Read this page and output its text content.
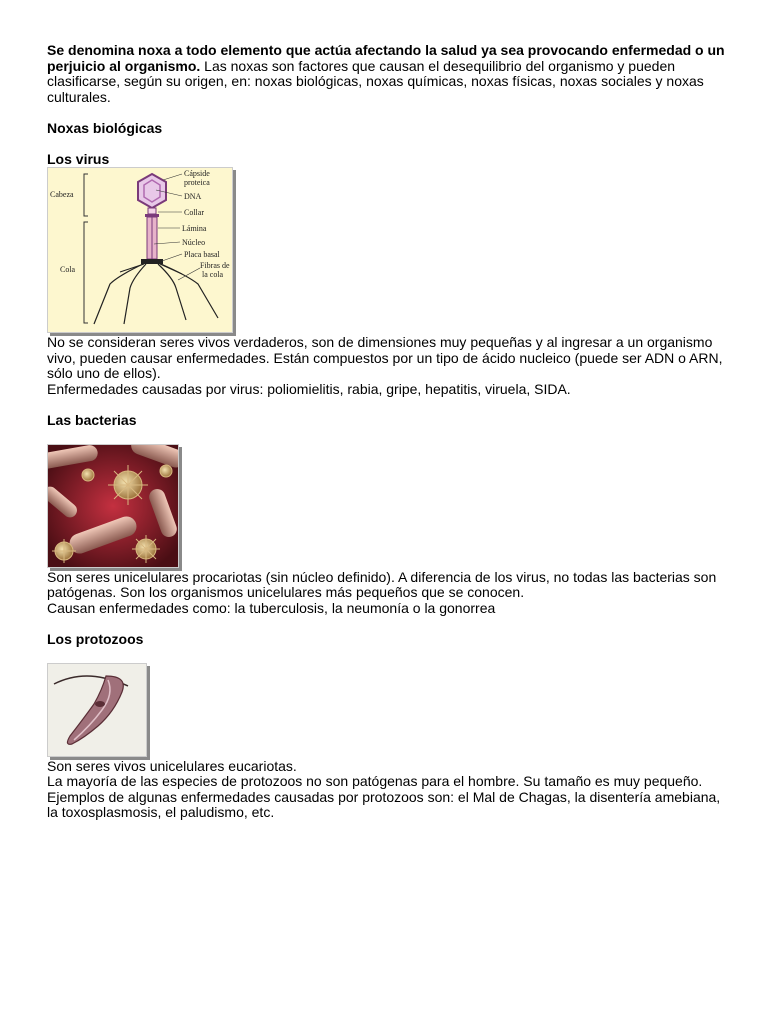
Se denomina noxa a todo elemento que actúa afectando la salud ya sea provocando enfermedad o un perjuicio al organismo. Las noxas son factores que causan el desequilibrio del organismo y pueden clasificarse, según su origen, en: noxas biológicas, noxas químicas, noxas físicas, noxas sociales y noxas culturales.

Noxas biológicas

Los virus

Cabeza
Cola
Cápside
proteica
DNA
Collar
Lámina
Núcleo
Placa basal
Fibras de
la cola

No se consideran seres vivos verdaderos, son de dimensiones muy pequeñas y al ingresar a un organismo vivo, pueden causar enfermedades. Están compuestos por un tipo de ácido nucleico (puede ser ADN o ARN, sólo uno de ellos).

Enfermedades causadas por virus: poliomielitis, rabia, gripe, hepatitis, viruela, SIDA.

Las bacterias

Son seres unicelulares procariotas (sin núcleo definido). A diferencia de los virus, no todas las bacterias son patógenas. Son los organismos unicelulares más pequeños que se conocen.

Causan enfermedades como: la tuberculosis, la neumonía o la gonorrea

Los protozoos

Son seres vivos unicelulares eucariotas.

La mayoría de las especies de protozoos no son patógenas para el hombre. Su tamaño es muy pequeño.

Ejemplos de algunas enfermedades causadas por protozoos son: el Mal de Chagas, la disentería amebiana, la toxosplasmosis, el paludismo, etc.
